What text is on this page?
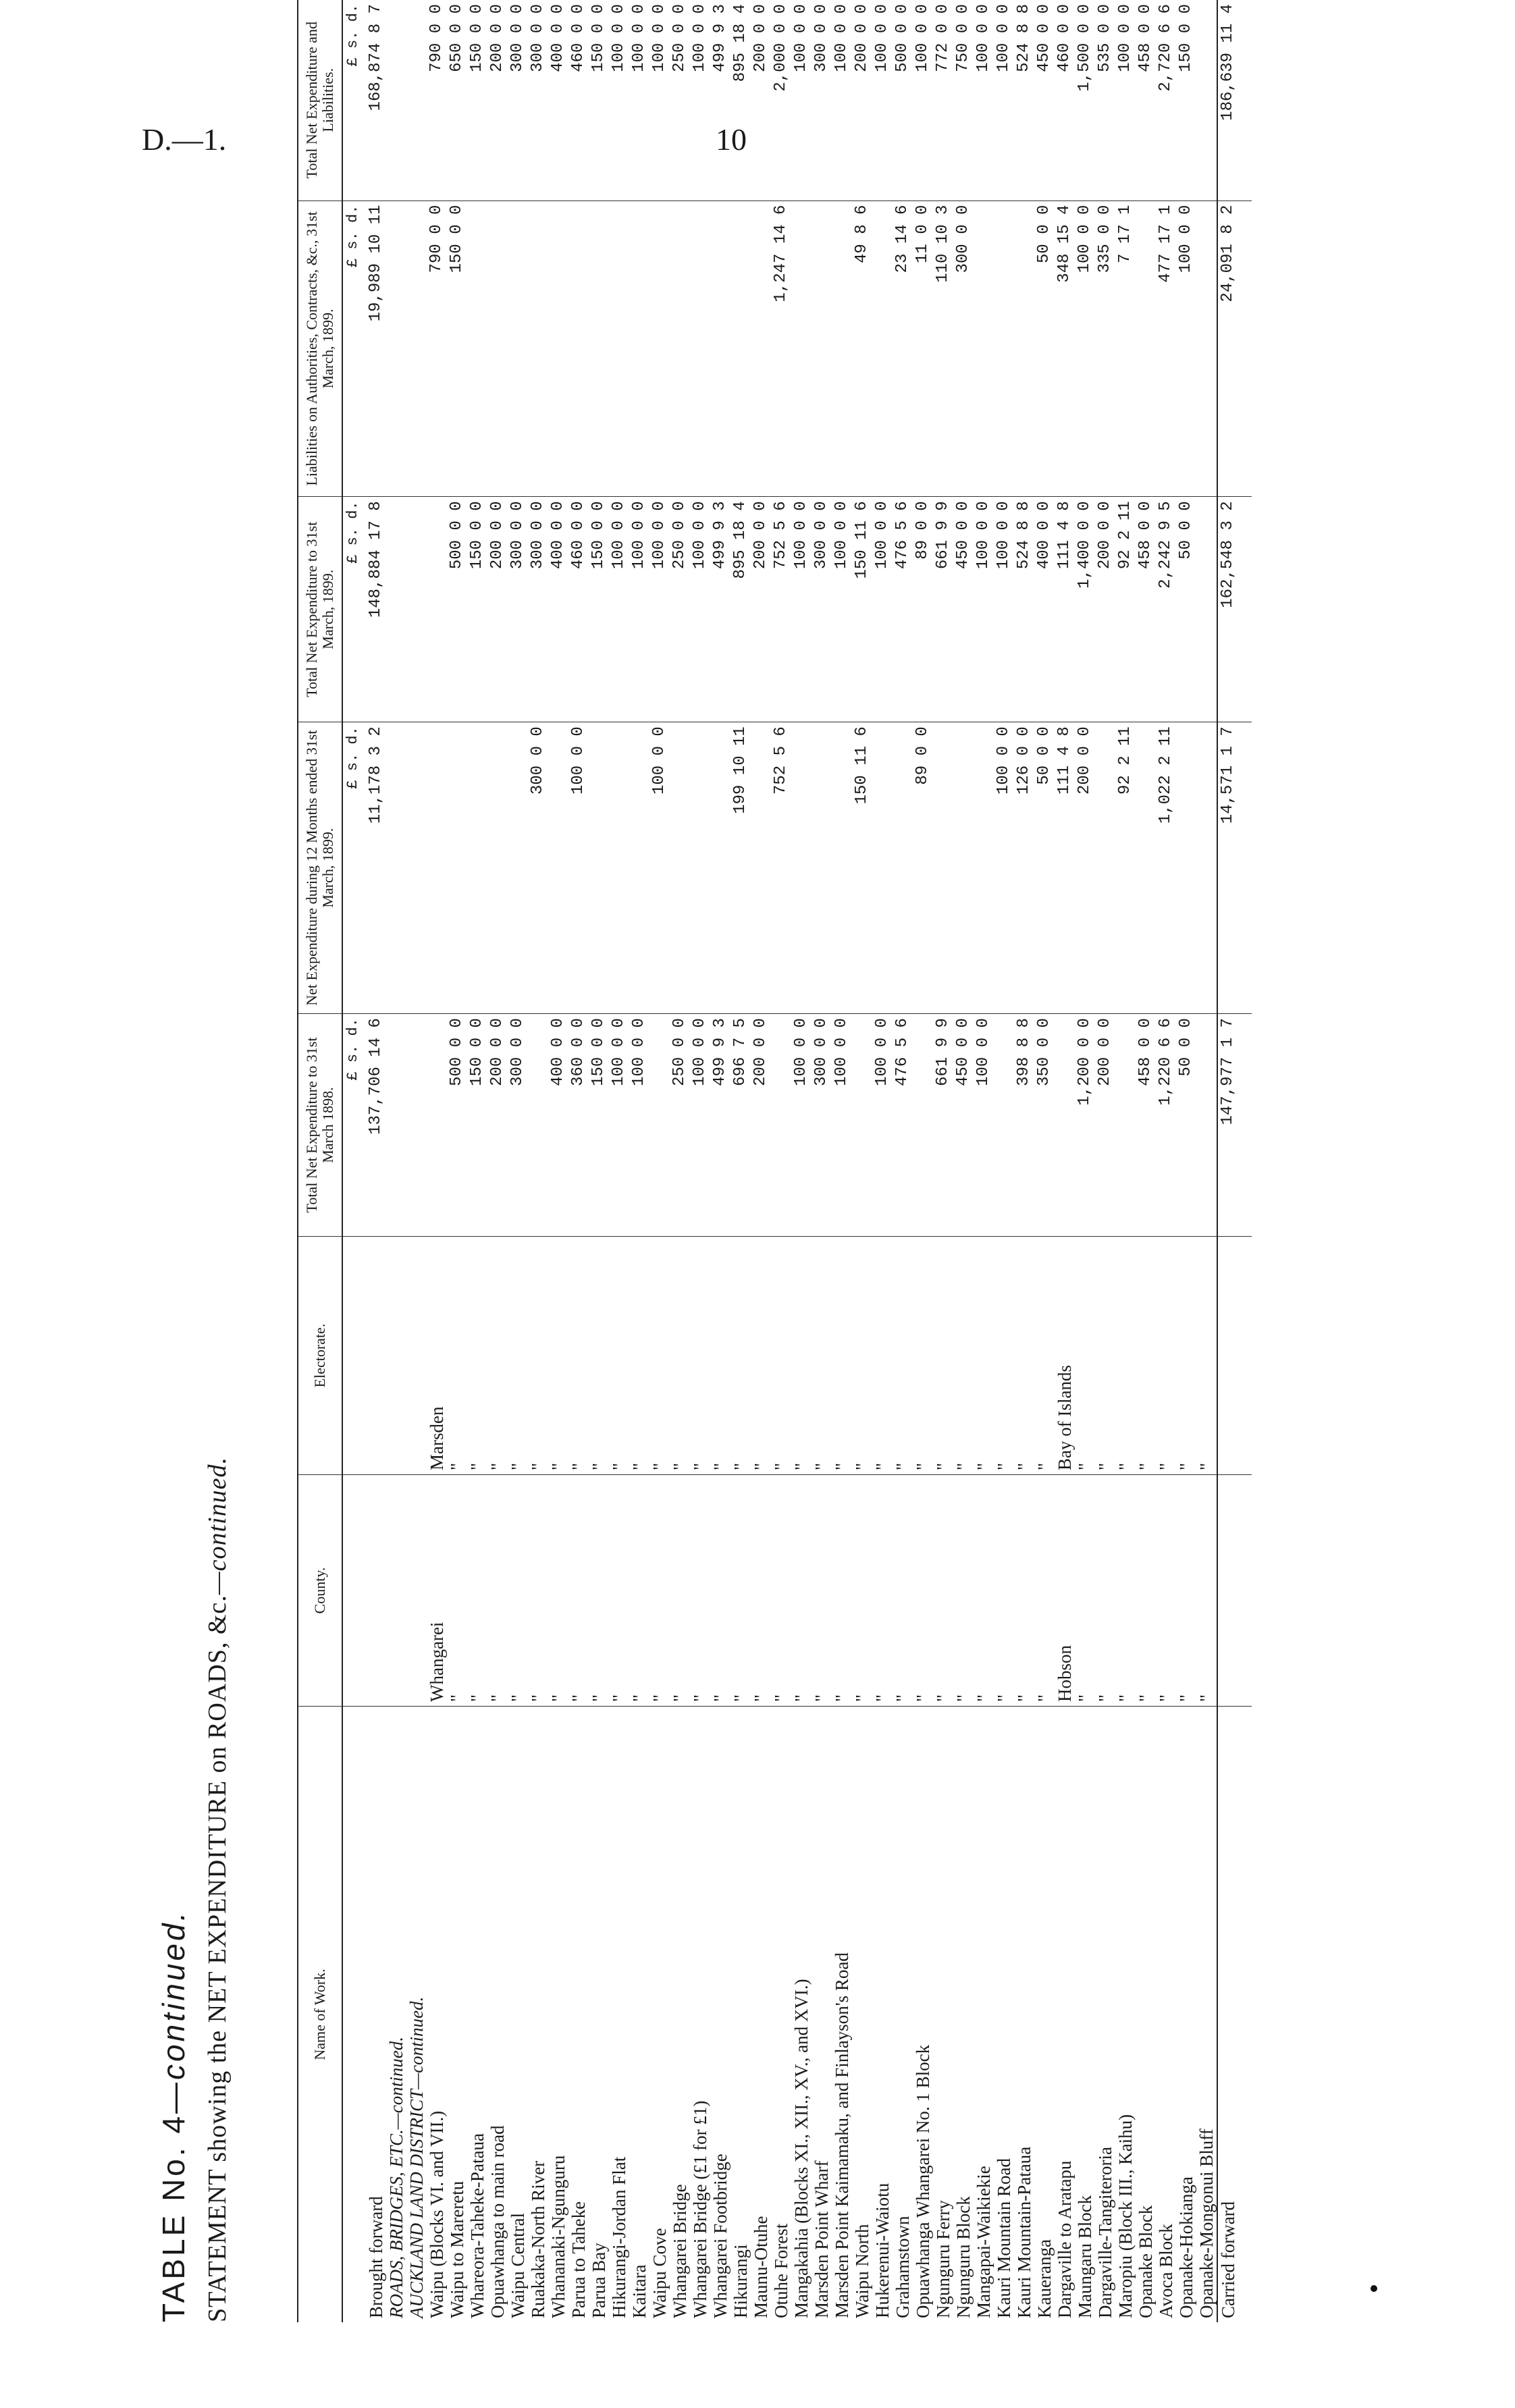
D.—1.	10
TABLE No. 4—continued. STATEMENT showing the NET EXPENDITURE on ROADS, &c.—continued.
Name of Work.	County.	Electorate.	Total Net Expenditure to 31st March 1898.	Net Expenditure during 12 Months ended 31st March, 1899.	Total Net Expenditure to 31st March, 1899.	Liabilities on Authorities, Contracts, &c., 31st March, 1899.	Total Net Expenditure and Liabilities.
			£ s. d.	£ s. d.	£ s. d.	£ s. d.	£ s. d.
Brought forward			137,706 14 6	11,178 3 2	148,884 17 8	19,989 10 11	168,874 8 7
ROADS, BRIDGES, ETC.—continued.							
AUCKLAND LAND DISTRICT—continued.							
Waipu (Blocks VI. and VII.)	Whangarei	Marsden				790 0 0	790 0 0
Waipu to Mareretu	"	"	500 0 0		500 0 0	150 0 0	650 0 0
Whareora-Taheke-Pataua	"	"	150 0 0		150 0 0		150 0 0
Opuawhanga to main road	"	"	200 0 0		200 0 0		200 0 0
Waipu Central	"	"	300 0 0		300 0 0		300 0 0
Ruakaka-North River	"	"		300 0 0	300 0 0		300 0 0
Whananaki-Ngunguru	"	"	400 0 0		400 0 0		400 0 0
Parua to Taheke	"	"	360 0 0	100 0 0	460 0 0		460 0 0
Parua Bay	"	"	150 0 0		150 0 0		150 0 0
Hikurangi-Jordan Flat	"	"	100 0 0		100 0 0		100 0 0
Kaitara	"	"	100 0 0		100 0 0		100 0 0
Waipu Cove	"	"		100 0 0	100 0 0		100 0 0
Whangarei Bridge	"	"	250 0 0		250 0 0		250 0 0
Whangarei Bridge (£1 for £1)	"	"	100 0 0		100 0 0		100 0 0
Whangarei Footbridge	"	"	499 9 3		499 9 3		499 9 3
Hikurangi	"	"	696 7 5	199 10 11	895 18 4		895 18 4
Maunu-Otuhe	"	"	200 0 0		200 0 0		200 0 0
Otuhe Forest	"	"		752 5 6	752 5 6	1,247 14 6	2,000 0 0
Mangakahia (Blocks XI., XII., XV., and XVI.)	"	"	100 0 0		100 0 0		100 0 0
Marsden Point Wharf	"	"	300 0 0		300 0 0		300 0 0
Marsden Point Kaimamaku, and Finlayson's Road	"	"	100 0 0		100 0 0		100 0 0
Waipu North	"	"		150 11 6	150 11 6	49 8 6	200 0 0
Hukerenui-Waiotu	"	"	100 0 0		100 0 0		100 0 0
Grahamstown	"	"	476 5 6		476 5 6	23 14 6	500 0 0
Opuawhanga Whangarei No. 1 Block	"	"		89 0 0	89 0 0	11 0 0	100 0 0
Ngunguru Ferry	"	"	661 9 9		661 9 9	110 10 3	772 0 0
Ngunguru Block	"	"	450 0 0		450 0 0	300 0 0	750 0 0
Mangapai-Waikiekie	"	"	100 0 0		100 0 0		100 0 0
Kauri Mountain Road	"	"		100 0 0	100 0 0		100 0 0
Kauri Mountain-Pataua	"	"	398 8 8	126 0 0	524 8 8		524 8 8
Kaueranga	"	"	350 0 0	50 0 0	400 0 0	50 0 0	450 0 0
Dargaville to Aratapu	Hobson	Bay of Islands		111 4 8	111 4 8	348 15 4	460 0 0
Maungaru Block	"	"	1,200 0 0	200 0 0	1,400 0 0	100 0 0	1,500 0 0
Dargaville-Tangiteroria	"	"	200 0 0		200 0 0	335 0 0	535 0 0
Maropiu (Block III., Kaihu)	"	"		92 2 11	92 2 11	7 17 1	100 0 0
Opanake Block	"	"	458 0 0		458 0 0		458 0 0
Avoca Block	"	"	1,220 6 6	1,022 2 11	2,242 9 5	477 17 1	2,720 6 6
Opanake-Hokianga	"	"	50 0 0		50 0 0	100 0 0	150 0 0
Opanake-Mongonui Bluff	"	"					
Carried forward			147,977 1 7	14,571 1 7	162,548 3 2	24,091 8 2	186,639 11 4
